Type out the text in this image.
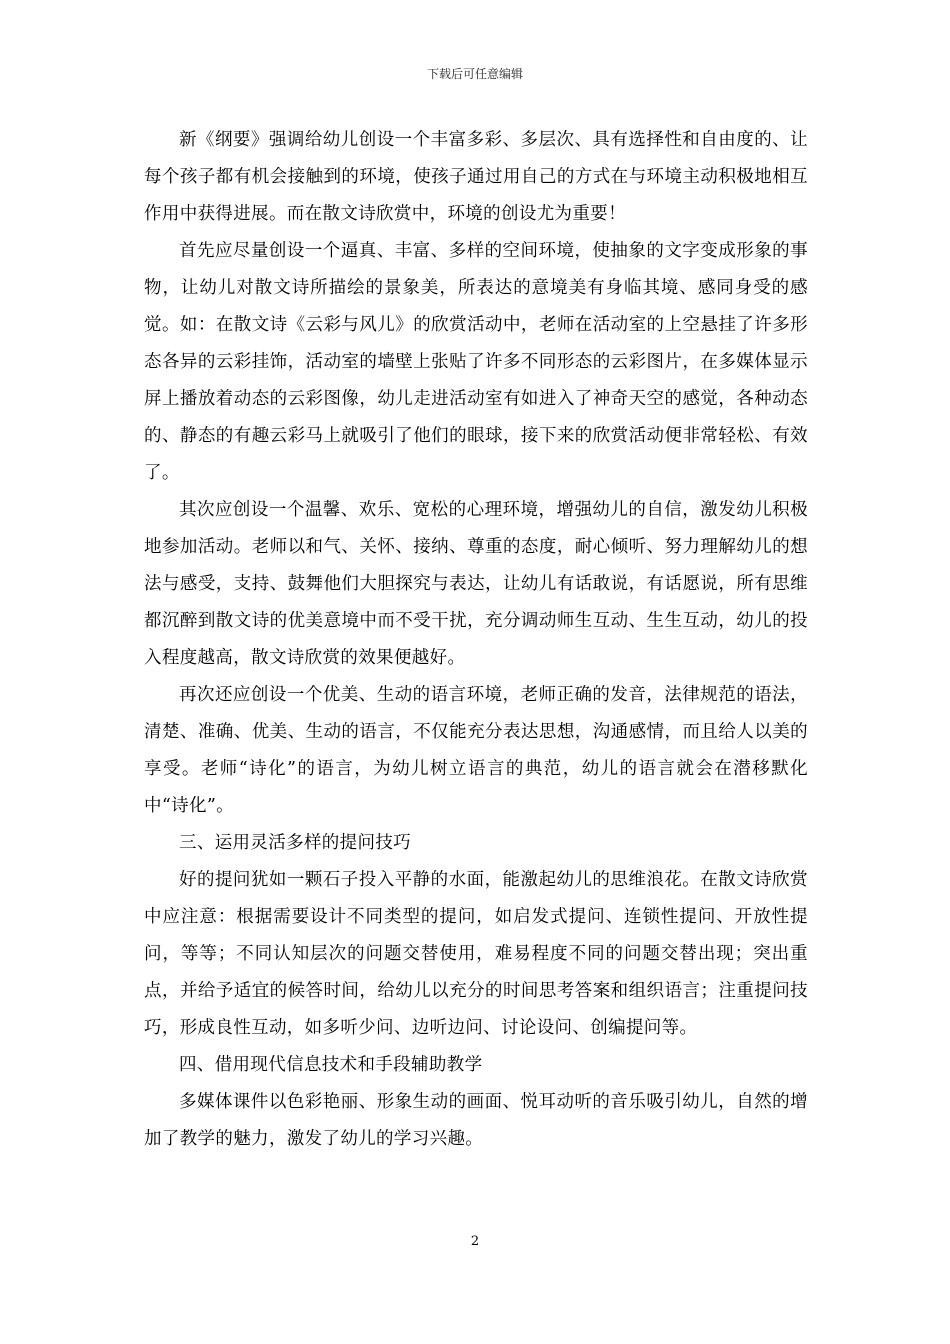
下载后可任意编辑

新《纲要》强调给幼儿创设一个丰富多彩、多层次、具有选择性和自由度的、让每个孩子都有机会接触到的环境，使孩子通过用自己的方式在与环境主动积极地相互作用中获得进展。而在散文诗欣赏中，环境的创设尤为重要！

首先应尽量创设一个逼真、丰富、多样的空间环境，使抽象的文字变成形象的事物，让幼儿对散文诗所描绘的景象美，所表达的意境美有身临其境、感同身受的感觉。如：在散文诗《云彩与风儿》的欣赏活动中，老师在活动室的上空悬挂了许多形态各异的云彩挂饰，活动室的墙壁上张贴了许多不同形态的云彩图片，在多媒体显示屏上播放着动态的云彩图像，幼儿走进活动室有如进入了神奇天空的感觉，各种动态的、静态的有趣云彩马上就吸引了他们的眼球，接下来的欣赏活动便非常轻松、有效了。

其次应创设一个温馨、欢乐、宽松的心理环境，增强幼儿的自信，激发幼儿积极地参加活动。老师以和气、关怀、接纳、尊重的态度，耐心倾听、努力理解幼儿的想法与感受，支持、鼓舞他们大胆探究与表达，让幼儿有话敢说，有话愿说，所有思维都沉醉到散文诗的优美意境中而不受干扰，充分调动师生互动、生生互动，幼儿的投入程度越高，散文诗欣赏的效果便越好。

再次还应创设一个优美、生动的语言环境，老师正确的发音，法律规范的语法，清楚、准确、优美、生动的语言，不仅能充分表达思想，沟通感情，而且给人以美的享受。老师“诗化”的语言，为幼儿树立语言的典范，幼儿的语言就会在潜移默化中“诗化”。

三、运用灵活多样的提问技巧

好的提问犹如一颗石子投入平静的水面，能激起幼儿的思维浪花。在散文诗欣赏中应注意：根据需要设计不同类型的提问，如启发式提问、连锁性提问、开放性提问，等等；不同认知层次的问题交替使用，难易程度不同的问题交替出现；突出重点，并给予适宜的候答时间，给幼儿以充分的时间思考答案和组织语言；注重提问技巧，形成良性互动，如多听少问、边听边问、讨论设问、创编提问等。

四、借用现代信息技术和手段辅助教学

多媒体课件以色彩艳丽、形象生动的画面、悦耳动听的音乐吸引幼儿，自然的增加了教学的魅力，激发了幼儿的学习兴趣。

2
